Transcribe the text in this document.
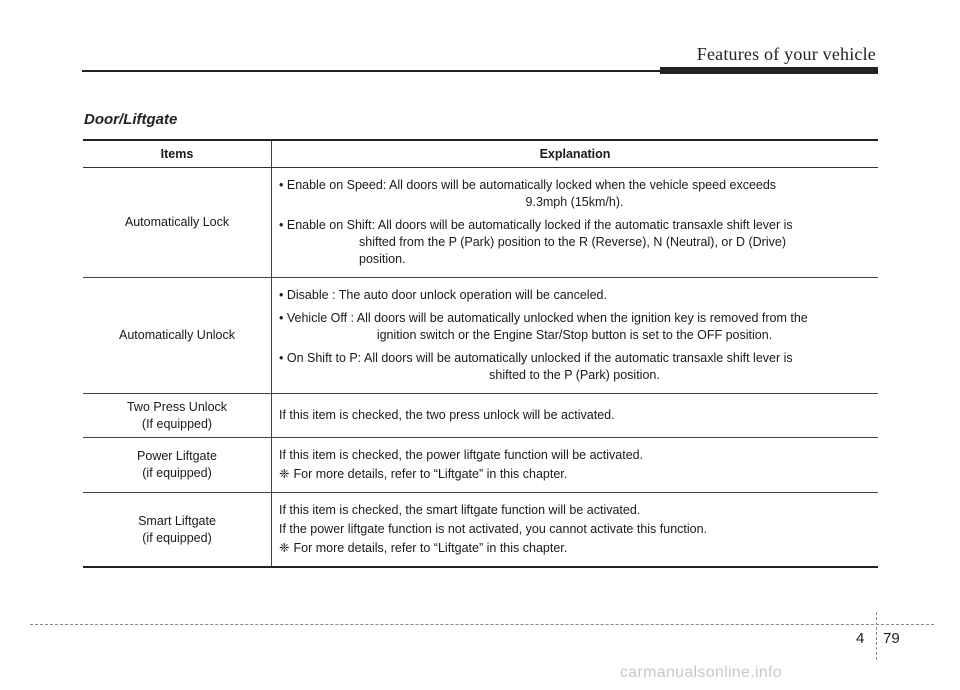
Features of your vehicle
Door/Liftgate
Items	Explanation

Automatically Lock	• Enable on Speed: All doors will be automatically locked when the vehicle speed exceeds
9.3mph (15km/h).
• Enable on Shift: All doors will be automatically locked if the automatic transaxle shift lever is
shifted from the P (Park) position to the R (Reverse), N (Neutral), or D (Drive)
position.

Automatically Unlock	• Disable : The auto door unlock operation will be canceled.
• Vehicle Off : All doors will be automatically unlocked when the ignition key is removed from the
ignition switch or the Engine Star/Stop button is set to the OFF position.
• On Shift to P: All doors will be automatically unlocked if the automatic transaxle shift lever is
shifted to the P (Park) position.

Two Press Unlock
(If equipped)	If this item is checked, the two press unlock will be activated.

Power Liftgate
(if equipped)	If this item is checked, the power liftgate function will be activated.
❈ For more details, refer to “Liftgate” in this chapter.

Smart Liftgate
(if equipped)	If this item is checked, the smart liftgate function will be activated.
If the power liftgate function is not activated, you cannot activate this function.
❈ For more details, refer to “Liftgate” in this chapter.
4 79
carmanualsonline.info
